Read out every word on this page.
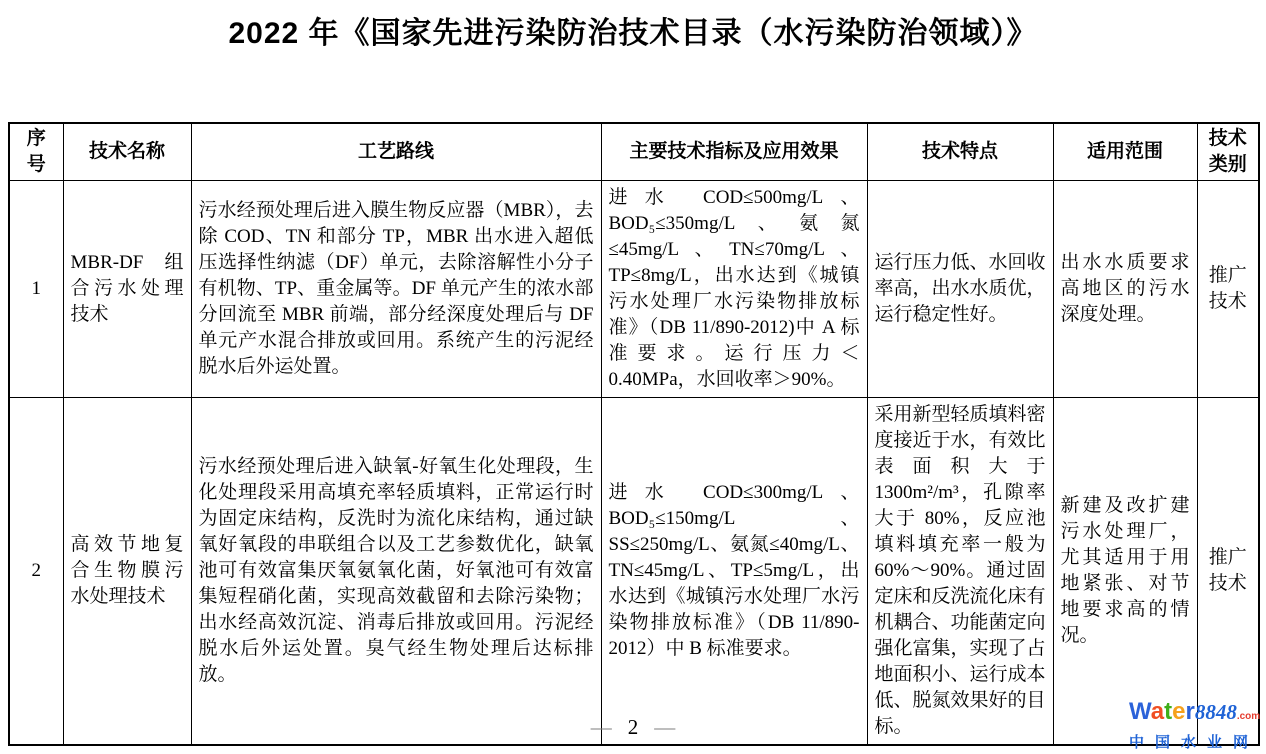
2022 年《国家先进污染防治技术目录（水污染防治领域）》
序号	技术名称	工艺路线	主要技术指标及应用效果	技术特点	适用范围	技术类别
1	MBR-DF 组合污水处理技术	污水经预处理后进入膜生物反应器（MBR），去除 COD、TN 和部分 TP，MBR 出水进入超低压选择性纳滤（DF）单元，去除溶解性小分子有机物、TP、重金属等。DF 单元产生的浓水部分回流至 MBR 前端，部分经深度处理后与 DF 单元产水混合排放或回用。系统产生的污泥经脱水后外运处置。	进水 COD≤500mg/L、BOD₅≤350mg/L、氨氮≤45mg/L、TN≤70mg/L、TP≤8mg/L，出水达到《城镇污水处理厂水污染物排放标准》（DB 11/890-2012)中 A 标准要求。运行压力＜0.40MPa，水回收率＞90%。	运行压力低、水回收率高，出水水质优，运行稳定性好。	出水水质要求高地区的污水深度处理。	推广技术
2	高效节地复合生物膜污水处理技术	污水经预处理后进入缺氧-好氧生化处理段，生化处理段采用高填充率轻质填料，正常运行时为固定床结构，反洗时为流化床结构，通过缺氧好氧段的串联组合以及工艺参数优化，缺氧池可有效富集厌氧氨氧化菌，好氧池可有效富集短程硝化菌，实现高效截留和去除污染物；出水经高效沉淀、消毒后排放或回用。污泥经脱水后外运处置。臭气经生物处理后达标排放。	进水 COD≤300mg/L、BOD₅≤150mg/L、SS≤250mg/L、氨氮≤40mg/L、TN≤45mg/L、TP≤5mg/L，出水达到《城镇污水处理厂水污染物排放标准》（DB 11/890-2012）中 B 标准要求。	采用新型轻质填料密度接近于水，有效比表面积大于 1300m²/m³，孔隙率大于 80%，反应池填料填充率一般为 60%～90%。通过固定床和反洗流化床有机耦合、功能菌定向强化富集，实现了占地面积小、运行成本低、脱氮效果好的目标。	新建及改扩建污水处理厂，尤其适用于用地紧张、对节地要求高的情况。	推广技术
— 2 —
Water8848.com
中国水业网
